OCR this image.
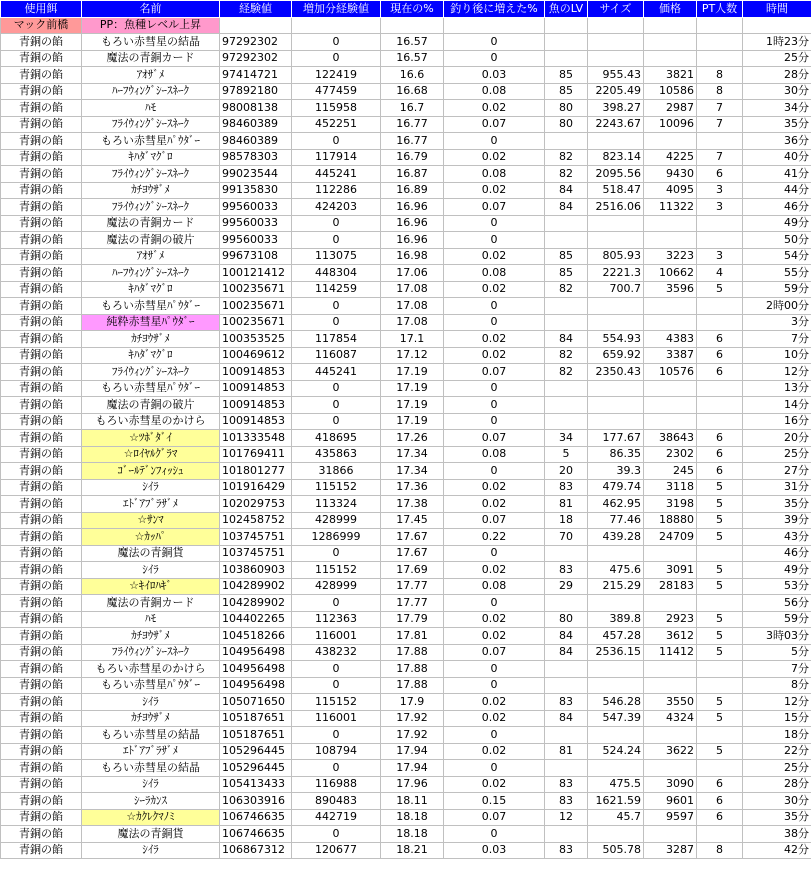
使用餌	名前	経験値	増加分経験値	現在の%	釣り後に増えた%	魚のLV	サイズ	価格	PT人数	時間
マック前橋	PP：魚種レベル上昇									
青銅の餡	もろい赤彗星の結晶	97292302	0	16.57	0					1時23分
青銅の餡	魔法の青銅カード	97292302	0	16.57	0					25分
青銅の餡	ｱｵｻﾞﾒ	97414721	122419	16.6	0.03	85	955.43	3821	8	28分
青銅の餡	ﾊｰﾌｳｨﾝｸﾞｼｰｽﾈｰｸ	97892180	477459	16.68	0.08	85	2205.49	10586	8	30分
青銅の餡	ﾊﾓ	98008138	115958	16.7	0.02	80	398.27	2987	7	34分
青銅の餡	ﾌﾗｲｳｨﾝｸﾞｼｰｽﾈｰｸ	98460389	452251	16.77	0.07	80	2243.67	10096	7	35分
青銅の餡	もろい赤彗星ﾊﾟｳﾀﾞｰ	98460389	0	16.77	0					36分
青銅の餡	ｷﾊﾀﾞﾏｸﾞﾛ	98578303	117914	16.79	0.02	82	823.14	4225	7	40分
青銅の餡	ﾌﾗｲｳｨﾝｸﾞｼｰｽﾈｰｸ	99023544	445241	16.87	0.08	82	2095.56	9430	6	41分
青銅の餡	ｶﾁﾖｳｻﾞﾒ	99135830	112286	16.89	0.02	84	518.47	4095	3	44分
青銅の餡	ﾌﾗｲｳｨﾝｸﾞｼｰｽﾈｰｸ	99560033	424203	16.96	0.07	84	2516.06	11322	3	46分
青銅の餡	魔法の青銅カード	99560033	0	16.96	0					49分
青銅の餡	魔法の青銅の破片	99560033	0	16.96	0					50分
青銅の餡	ｱｵｻﾞﾒ	99673108	113075	16.98	0.02	85	805.93	3223	3	54分
青銅の餡	ﾊｰﾌｳｨﾝｸﾞｼｰｽﾈｰｸ	100121412	448304	17.06	0.08	85	2221.3	10662	4	55分
青銅の餡	ｷﾊﾀﾞﾏｸﾞﾛ	100235671	114259	17.08	0.02	82	700.7	3596	5	59分
青銅の餡	もろい赤彗星ﾊﾟｳﾀﾞｰ	100235671	0	17.08	0					2時00分
青銅の餡	純粋赤彗星ﾊﾟｳﾀﾞｰ	100235671	0	17.08	0					3分
青銅の餡	ｶﾁﾖｳｻﾞﾒ	100353525	117854	17.1	0.02	84	554.93	4383	6	7分
青銅の餡	ｷﾊﾀﾞﾏｸﾞﾛ	100469612	116087	17.12	0.02	82	659.92	3387	6	10分
青銅の餡	ﾌﾗｲｳｨﾝｸﾞｼｰｽﾈｰｸ	100914853	445241	17.19	0.07	82	2350.43	10576	6	12分
青銅の餡	もろい赤彗星ﾊﾟｳﾀﾞｰ	100914853	0	17.19	0					13分
青銅の餡	魔法の青銅の破片	100914853	0	17.19	0					14分
青銅の餡	もろい赤彗星のかけら	100914853	0	17.19	0					16分
青銅の餡	☆ﾂﾎﾞﾀﾞｲ	101333548	418695	17.26	0.07	34	177.67	38643	6	20分
青銅の餡	☆ﾛｲﾔﾙｸﾞﾗﾏ	101769411	435863	17.34	0.08	5	86.35	2302	6	25分
青銅の餡	ｺﾞｰﾙﾃﾞﾝﾌｨｯｼｭ	101801277	31866	17.34	0	20	39.3	245	6	27分
青銅の餡	ｼｲﾗ	101916429	115152	17.36	0.02	83	479.74	3118	5	31分
青銅の餡	ｴﾄﾞｱﾌﾞﾗｻﾞﾒ	102029753	113324	17.38	0.02	81	462.95	3198	5	35分
青銅の餡	☆ｻﾝﾏ	102458752	428999	17.45	0.07	18	77.46	18880	5	39分
青銅の餡	☆ｶｯﾊﾟ	103745751	1286999	17.67	0.22	70	439.28	24709	5	43分
青銅の餡	魔法の青銅貨	103745751	0	17.67	0					46分
青銅の餡	ｼｲﾗ	103860903	115152	17.69	0.02	83	475.6	3091	5	49分
青銅の餡	☆ｷｲﾛﾊｷﾞ	104289902	428999	17.77	0.08	29	215.29	28183	5	53分
青銅の餡	魔法の青銅カード	104289902	0	17.77	0					56分
青銅の餡	ﾊﾓ	104402265	112363	17.79	0.02	80	389.8	2923	5	59分
青銅の餡	ｶﾁﾖｳｻﾞﾒ	104518266	116001	17.81	0.02	84	457.28	3612	5	3時03分
青銅の餡	ﾌﾗｲｳｨﾝｸﾞｼｰｽﾈｰｸ	104956498	438232	17.88	0.07	84	2536.15	11412	5	5分
青銅の餡	もろい赤彗星のかけら	104956498	0	17.88	0					7分
青銅の餡	もろい赤彗星ﾊﾟｳﾀﾞｰ	104956498	0	17.88	0					8分
青銅の餡	ｼｲﾗ	105071650	115152	17.9	0.02	83	546.28	3550	5	12分
青銅の餡	ｶﾁﾖｳｻﾞﾒ	105187651	116001	17.92	0.02	84	547.39	4324	5	15分
青銅の餡	もろい赤彗星の結晶	105187651	0	17.92	0					18分
青銅の餡	ｴﾄﾞｱﾌﾞﾗｻﾞﾒ	105296445	108794	17.94	0.02	81	524.24	3622	5	22分
青銅の餡	もろい赤彗星の結晶	105296445	0	17.94	0					25分
青銅の餡	ｼｲﾗ	105413433	116988	17.96	0.02	83	475.5	3090	6	28分
青銅の餡	ｼｰﾗｶﾝｽ	106303916	890483	18.11	0.15	83	1621.59	9601	6	30分
青銅の餡	☆ｶｸﾚｸﾏﾉﾐ	106746635	442719	18.18	0.07	12	45.7	9597	6	35分
青銅の餡	魔法の青銅貨	106746635	0	18.18	0					38分
青銅の餡	ｼｲﾗ	106867312	120677	18.21	0.03	83	505.78	3287	8	42分
